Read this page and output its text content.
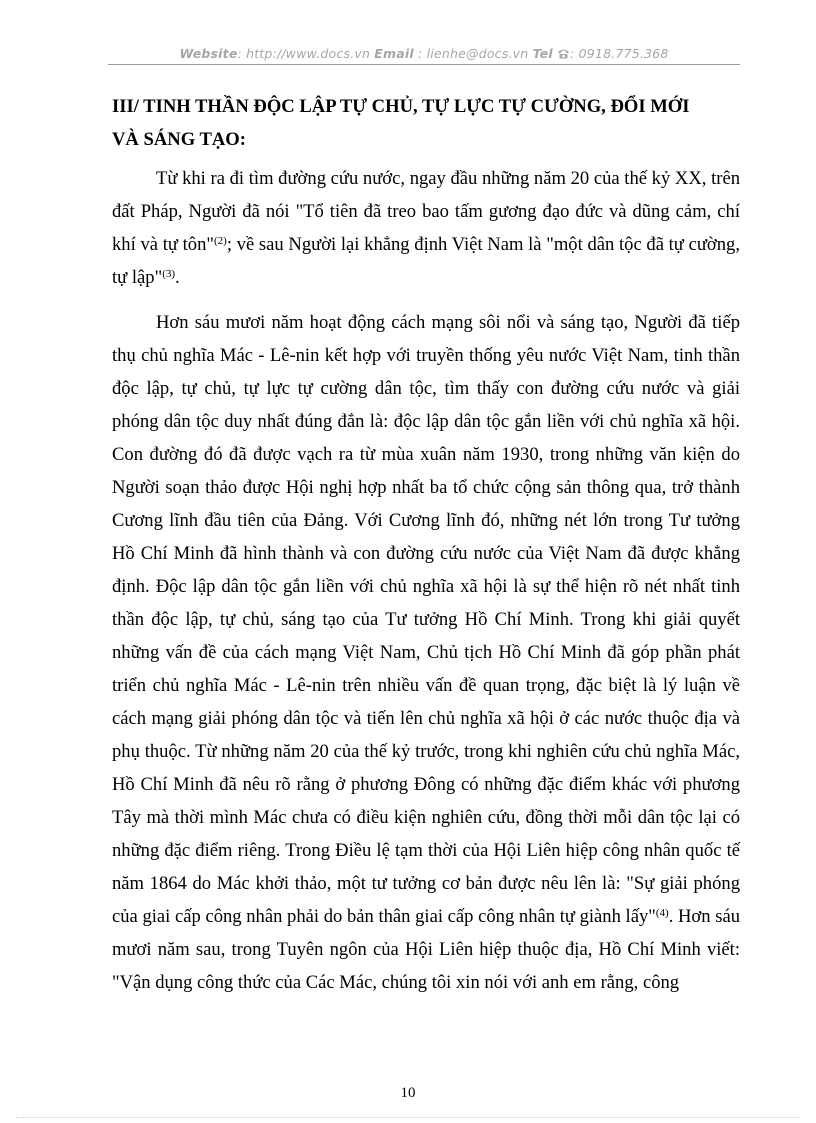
Website: http://www.docs.vn Email : lienhe@docs.vn Tel : 0918.775.368
III/ TINH THẦN ĐỘC LẬP TỰ CHỦ, TỰ LỰC TỰ CƯỜNG, ĐỔI MỚI
VÀ SÁNG TẠO:

Từ khi ra đi tìm đường cứu nước, ngay đầu những năm 20 của thế kỷ XX, trên đất Pháp, Người đã nói "Tổ tiên đã treo bao tấm gương đạo đức và dũng cảm, chí khí và tự tôn"$^{(2)}$; về sau Người lại khẳng định Việt Nam là "một dân tộc đã tự cường, tự lập"$^{(3)}$.

Hơn sáu mươi năm hoạt động cách mạng sôi nổi và sáng tạo, Người đã tiếp thụ chủ nghĩa Mác - Lê-nin kết hợp với truyền thống yêu nước Việt Nam, tinh thần độc lập, tự chủ, tự lực tự cường dân tộc, tìm thấy con đường cứu nước và giải phóng dân tộc duy nhất đúng đắn là: độc lập dân tộc gắn liền với chủ nghĩa xã hội. Con đường đó đã được vạch ra từ mùa xuân năm 1930, trong những văn kiện do Người soạn thảo được Hội nghị hợp nhất ba tổ chức cộng sản thông qua, trở thành Cương lĩnh đầu tiên của Đảng. Với Cương lĩnh đó, những nét lớn trong Tư tưởng Hồ Chí Minh đã hình thành và con đường cứu nước của Việt Nam đã được khẳng định. Độc lập dân tộc gắn liền với chủ nghĩa xã hội là sự thể hiện rõ nét nhất tinh thần độc lập, tự chủ, sáng tạo của Tư tưởng Hồ Chí Minh. Trong khi giải quyết những vấn đề của cách mạng Việt Nam, Chủ tịch Hồ Chí Minh đã góp phần phát triển chủ nghĩa Mác - Lê-nin trên nhiều vấn đề quan trọng, đặc biệt là lý luận về cách mạng giải phóng dân tộc và tiến lên chủ nghĩa xã hội ở các nước thuộc địa và phụ thuộc. Từ những năm 20 của thế kỷ trước, trong khi nghiên cứu chủ nghĩa Mác, Hồ Chí Minh đã nêu rõ rằng ở phương Đông có những đặc điểm khác với phương Tây mà thời mình Mác chưa có điều kiện nghiên cứu, đồng thời mỗi dân tộc lại có những đặc điểm riêng. Trong Điều lệ tạm thời của Hội Liên hiệp công nhân quốc tế năm 1864 do Mác khởi thảo, một tư tưởng cơ bản được nêu lên là: "Sự giải phóng của giai cấp công nhân phải do bản thân giai cấp công nhân tự giành lấy"$^{(4)}$. Hơn sáu mươi năm sau, trong Tuyên ngôn của Hội Liên hiệp thuộc địa, Hồ Chí Minh viết: "Vận dụng công thức của Các Mác, chúng tôi xin nói với anh em rằng, công

10
